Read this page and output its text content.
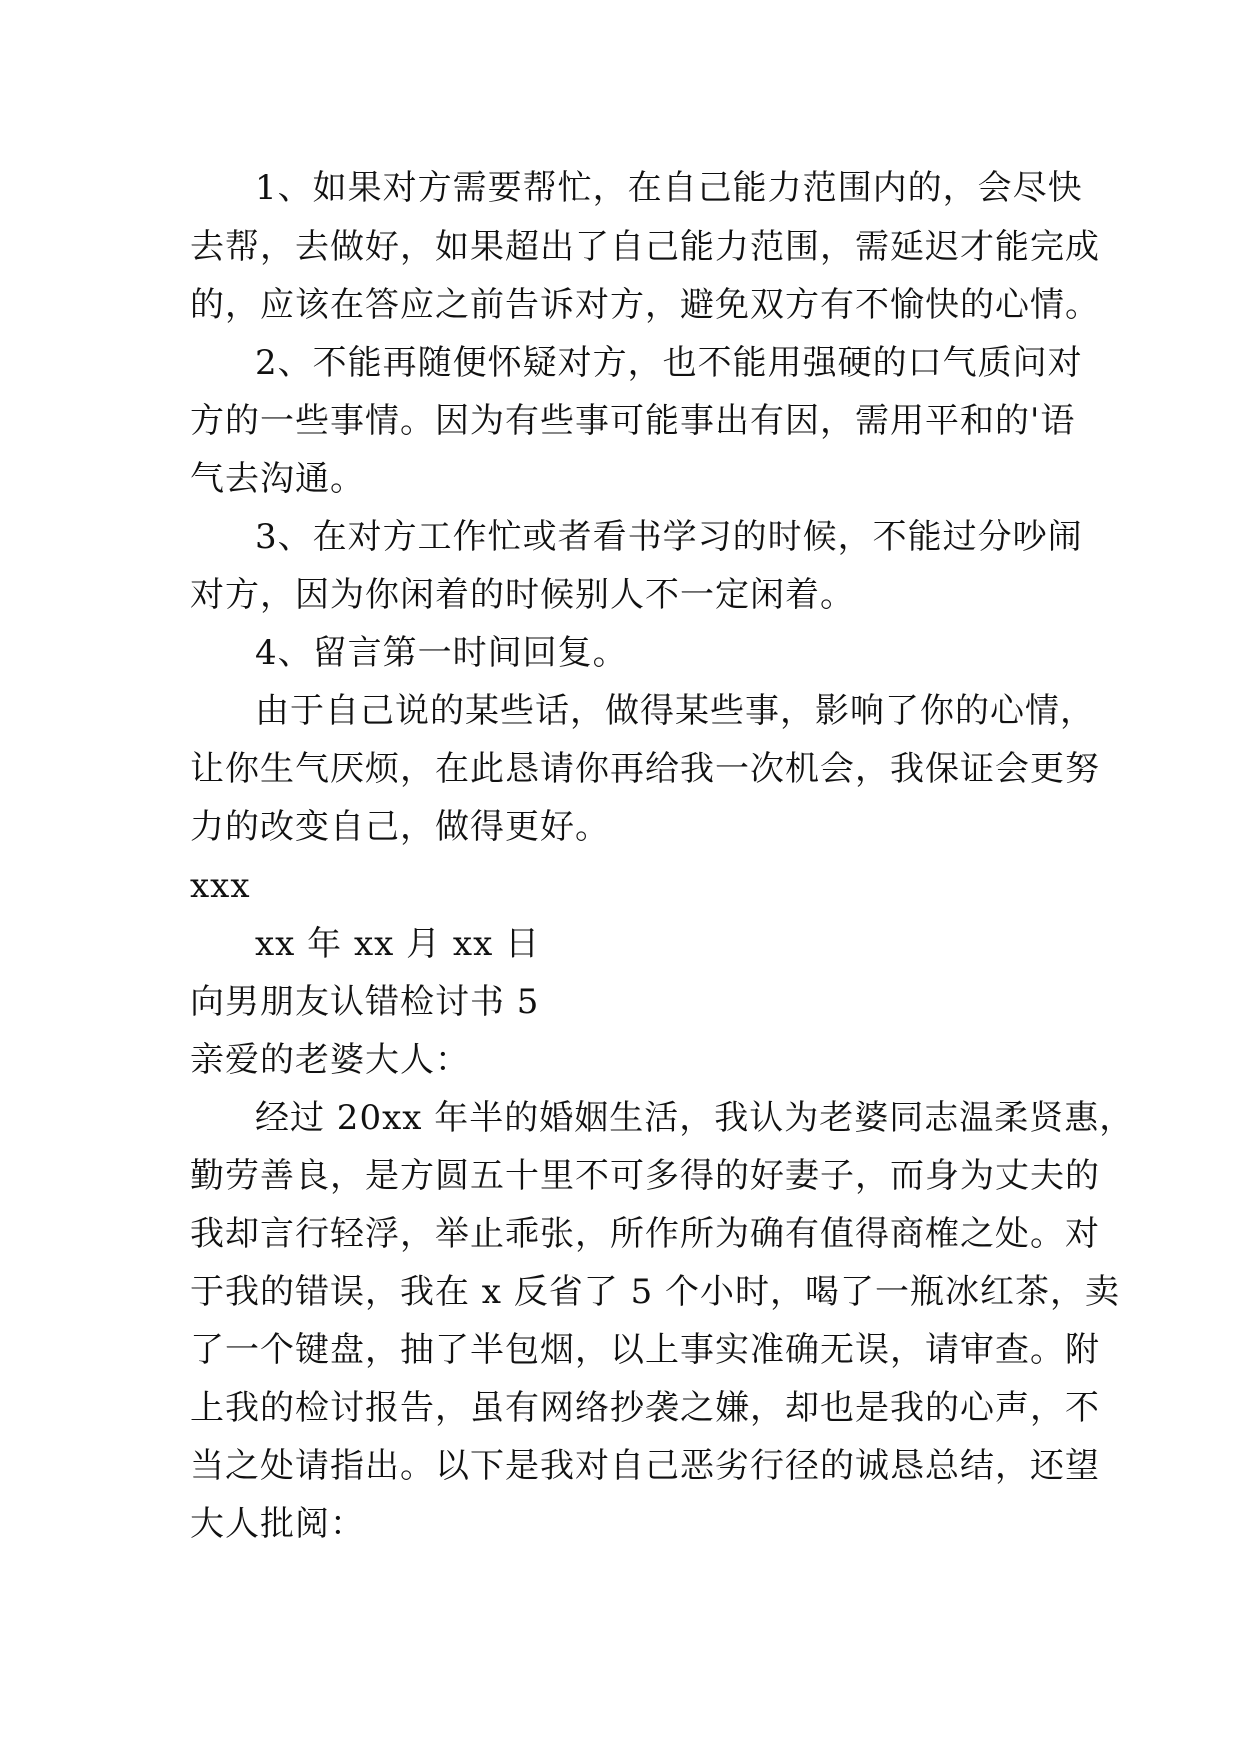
1、如果对方需要帮忙，在自己能力范围内的，会尽快
去帮，去做好，如果超出了自己能力范围，需延迟才能完成
的，应该在答应之前告诉对方，避免双方有不愉快的心情。
2、不能再随便怀疑对方，也不能用强硬的口气质问对
方的一些事情。因为有些事可能事出有因，需用平和的'语
气去沟通。
3、在对方工作忙或者看书学习的时候，不能过分吵闹
对方，因为你闲着的时候别人不一定闲着。
4、留言第一时间回复。
由于自己说的某些话，做得某些事，影响了你的心情，
让你生气厌烦，在此恳请你再给我一次机会，我保证会更努
力的改变自己，做得更好。
xxx
xx 年 xx 月 xx 日
向男朋友认错检讨书 5
亲爱的老婆大人：
经过 20xx 年半的婚姻生活，我认为老婆同志温柔贤惠，
勤劳善良，是方圆五十里不可多得的好妻子，而身为丈夫的
我却言行轻浮，举止乖张，所作所为确有值得商榷之处。对
于我的错误，我在 x 反省了 5 个小时，喝了一瓶冰红茶，卖
了一个键盘，抽了半包烟，以上事实准确无误，请审查。附
上我的检讨报告，虽有网络抄袭之嫌，却也是我的心声，不
当之处请指出。以下是我对自己恶劣行径的诚恳总结，还望
大人批阅：
